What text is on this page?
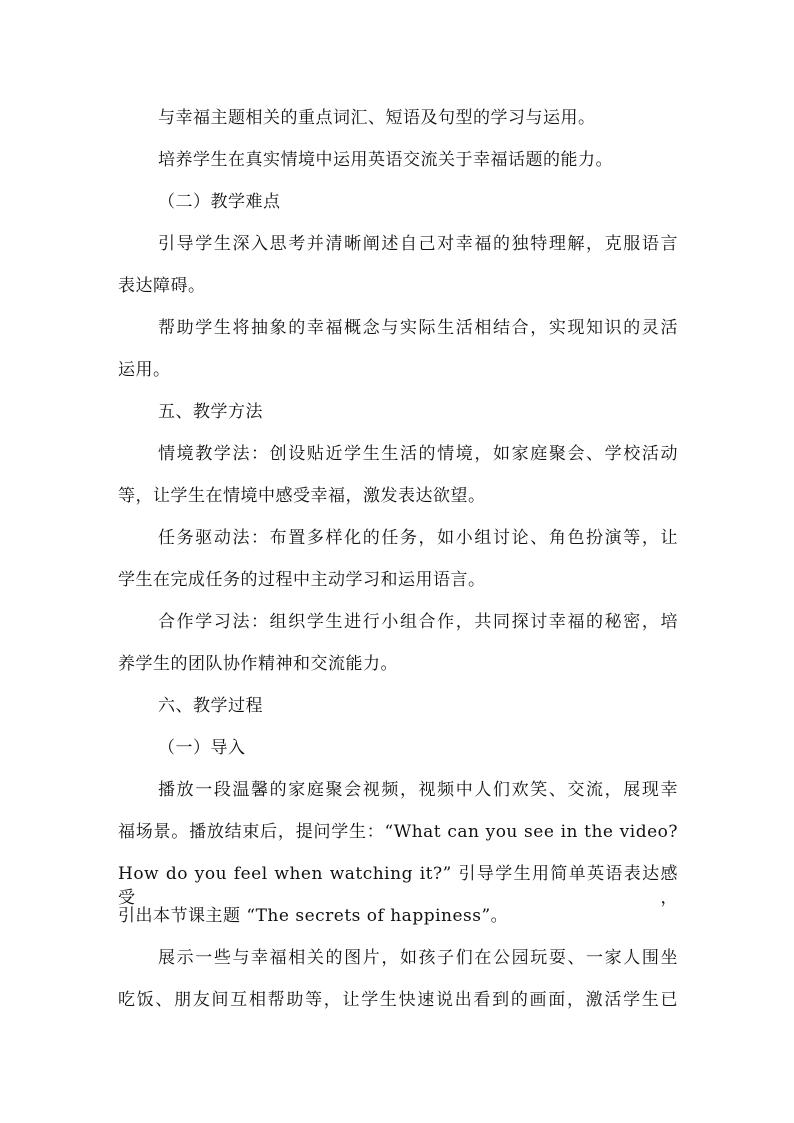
与幸福主题相关的重点词汇、短语及句型的学习与运用。
培养学生在真实情境中运用英语交流关于幸福话题的能力。
（二）教学难点
引导学生深入思考并清晰阐述自己对幸福的独特理解，克服语言
表达障碍。
帮助学生将抽象的幸福概念与实际生活相结合，实现知识的灵活
运用。
五、教学方法
情境教学法：创设贴近学生生活的情境，如家庭聚会、学校活动
等，让学生在情境中感受幸福，激发表达欲望。
任务驱动法：布置多样化的任务，如小组讨论、角色扮演等，让
学生在完成任务的过程中主动学习和运用语言。
合作学习法：组织学生进行小组合作，共同探讨幸福的秘密，培
养学生的团队协作精神和交流能力。
六、教学过程
（一）导入
播放一段温馨的家庭聚会视频，视频中人们欢笑、交流，展现幸
福场景。播放结束后，提问学生：“What can you see in the video?
How do you feel when watching it?” 引导学生用简单英语表达感受，
引出本节课主题 “The secrets of happiness”。
展示一些与幸福相关的图片，如孩子们在公园玩耍、一家人围坐
吃饭、朋友间互相帮助等，让学生快速说出看到的画面，激活学生已
